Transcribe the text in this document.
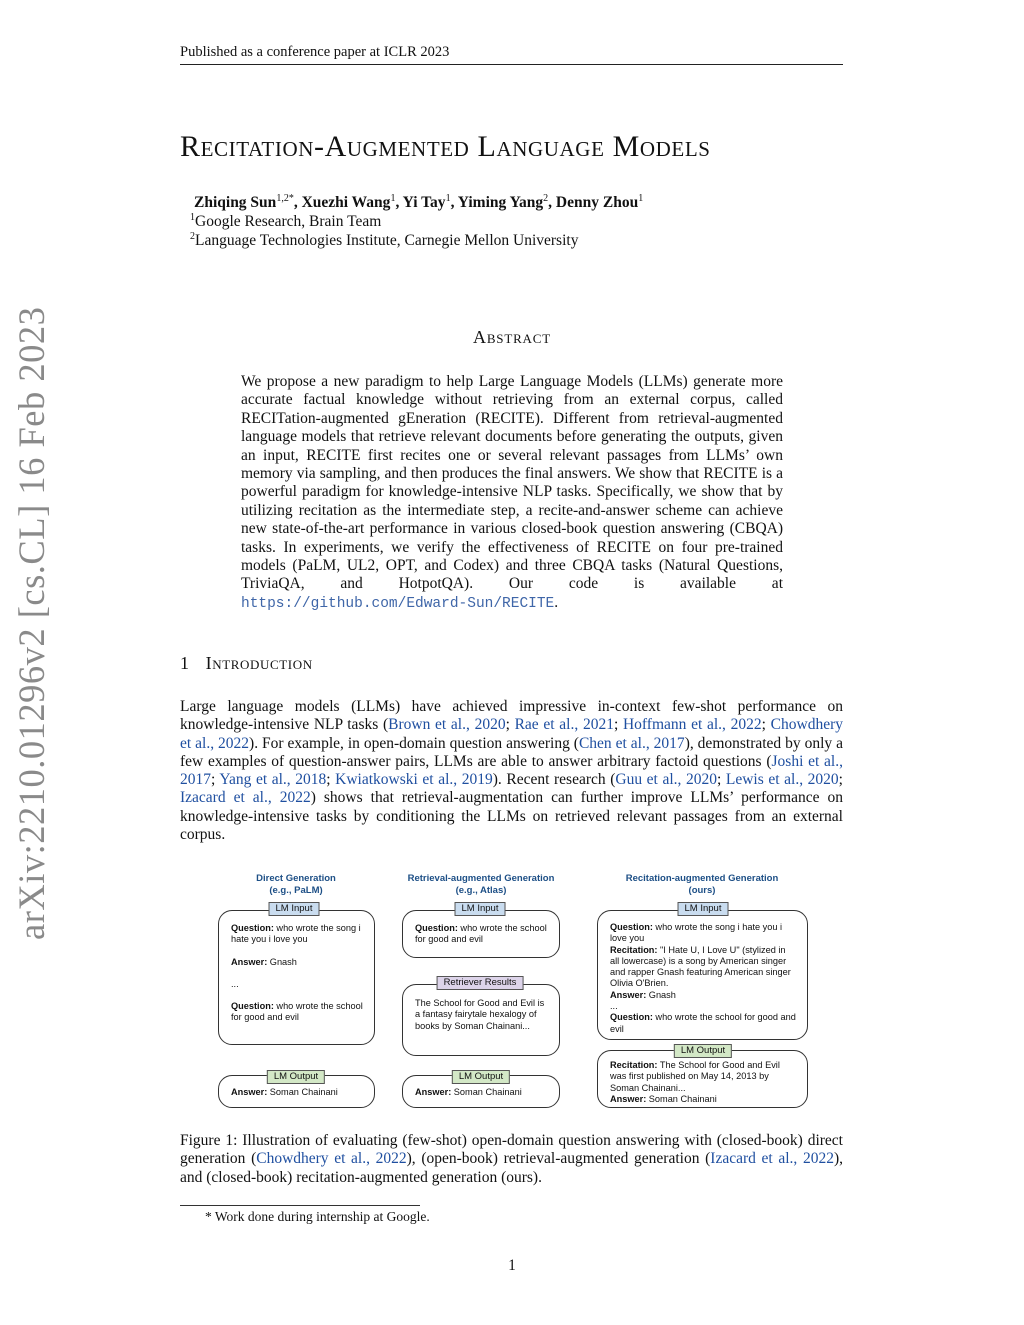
Published as a conference paper at ICLR 2023
arXiv:2210.01296v2 [cs.CL] 16 Feb 2023
Recitation-Augmented Language Models
Zhiqing Sun$^{1,2*}$, Xuezhi Wang$^1$, Yi Tay$^1$, Yiming Yang$^2$, Denny Zhou$^1$
$^1$Google Research, Brain Team
$^2$Language Technologies Institute, Carnegie Mellon University
Abstract
We propose a new paradigm to help Large Language Models (LLMs) generate more accurate factual knowledge without retrieving from an external corpus, called RECITation-augmented gEneration (RECITE). Different from retrieval-augmented language models that retrieve relevant documents before generating the outputs, given an input, RECITE first recites one or several relevant passages from LLMs’ own memory via sampling, and then produces the final answers. We show that RECITE is a powerful paradigm for knowledge-intensive NLP tasks. Specifically, we show that by utilizing recitation as the intermediate step, a recite-and-answer scheme can achieve new state-of-the-art performance in various closed-book question answering (CBQA) tasks. In experiments, we verify the effectiveness of RECITE on four pre-trained models (PaLM, UL2, OPT, and Codex) and three CBQA tasks (Natural Questions, TriviaQA, and HotpotQA). Our code is available at https://github.com/Edward-Sun/RECITE.
1 Introduction
Large language models (LLMs) have achieved impressive in-context few-shot performance on knowledge-intensive NLP tasks (Brown et al., 2020; Rae et al., 2021; Hoffmann et al., 2022; Chowdhery et al., 2022). For example, in open-domain question answering (Chen et al., 2017), demonstrated by only a few examples of question-answer pairs, LLMs are able to answer arbitrary factoid questions (Joshi et al., 2017; Yang et al., 2018; Kwiatkowski et al., 2019). Recent research (Guu et al., 2020; Lewis et al., 2020; Izacard et al., 2022) shows that retrieval-augmentation can further improve LLMs’ performance on knowledge-intensive tasks by conditioning the LLMs on retrieved relevant passages from an external corpus.
Direct Generation
(e.g., PaLM)
Question: who wrote the song i hate you i love you
Answer: Gnash
...
Question: who wrote the school for good and evil
LM Input
Answer: Soman Chainani
LM Output
Retrieval-augmented Generation
(e.g., Atlas)
Question: who wrote the school for good and evil
LM Input
The School for Good and Evil is a fantasy fairytale hexalogy of books by Soman Chainani...
Retriever Results
Answer: Soman Chainani
LM Output
Recitation-augmented Generation
(ours)
Question: who wrote the song i hate you i love you
Recitation: "I Hate U, I Love U" (stylized in all lowercase) is a song by American singer and rapper Gnash featuring American singer Olivia O'Brien.
Answer: Gnash
...
Question: who wrote the school for good and evil
LM Input
Recitation: The School for Good and Evil was first published on May 14, 2013 by Soman Chainani...
Answer: Soman Chainani
LM Output
Figure 1: Illustration of evaluating (few-shot) open-domain question answering with (closed-book) direct generation (Chowdhery et al., 2022), (open-book) retrieval-augmented generation (Izacard et al., 2022), and (closed-book) recitation-augmented generation (ours).
* Work done during internship at Google.
1
